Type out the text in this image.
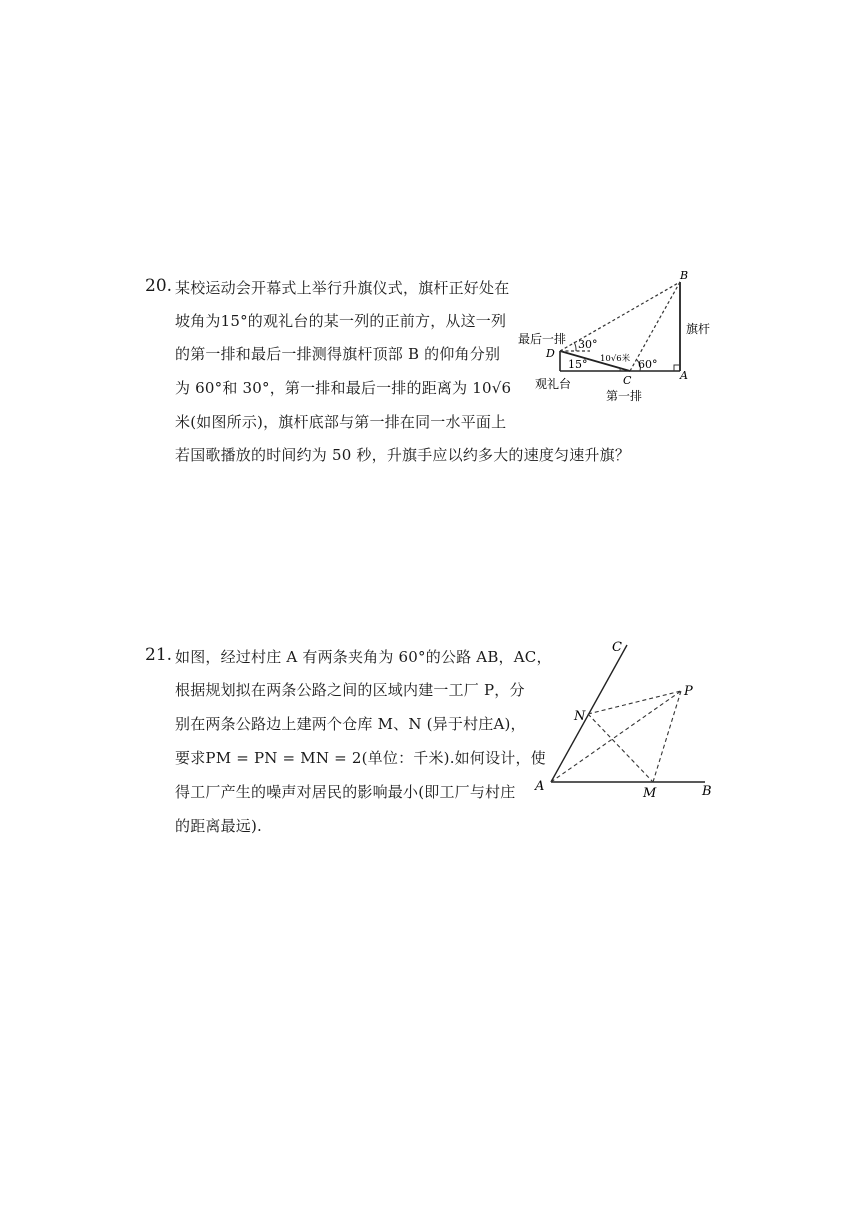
20. 某校运动会开幕式上举行升旗仪式，旗杆正好处在
坡角为15°的观礼台的某一列的正前方，从这一列
的第一排和最后一排测得旗杆顶部 B 的仰角分别
为 60°和 30°，第一排和最后一排的距离为 10√6
米(如图所示)，旗杆底部与第一排在同一水平面上
若国歌播放的时间约为 50 秒，升旗手应以约多大的速度匀速升旗？
B
D
C	A
最后一排
旗杆
观礼台
第一排
30°
15°	60°
10√6米
21. 如图，经过村庄 A 有两条夹角为 60°的公路 AB，AC，
根据规划拟在两条公路之间的区域内建一工厂 P，分
别在两条公路边上建两个仓库 M、N (异于村庄A)，
要求PM = PN = MN = 2(单位：千米).如何设计，使
得工厂产生的噪声对居民的影响最小(即工厂与村庄
的距离最远).
C
A	B
M
N
P
